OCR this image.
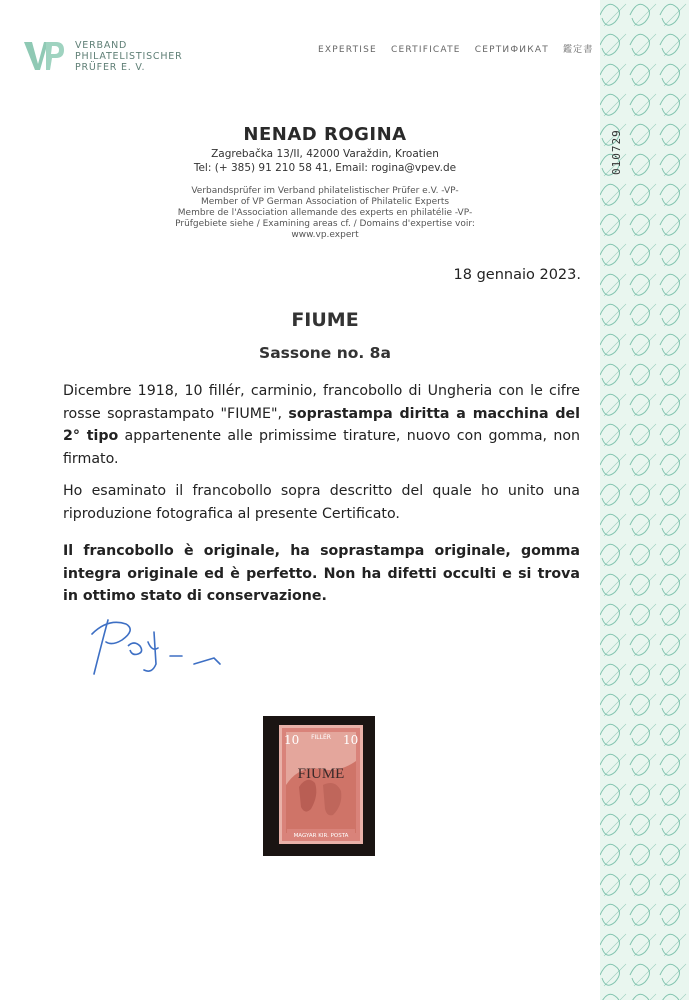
010729
VERBAND
PHILATELISTISCHER
PRÜFER E. V.
EXPERTISE CERTIFICATE СЕРТИФИКАТ 鑑定書
NENAD ROGINA
Zagrebačka 13/II, 42000 Varaždin, Kroatien
Tel: (+ 385) 91 210 58 41, Email: rogina@vpev.de
Verbandsprüfer im Verband philatelistischer Prüfer e.V. -VP-
Member of VP German Association of Philatelic Experts
Membre de l'Association allemande des experts en philatélie -VP-
Prüfgebiete siehe / Examining areas cf. / Domains d'expertise voir:
www.vp.expert
18 gennaio 2023.
FIUME
Sassone no. 8a

Dicembre 1918, 10 fillér, carminio, francobollo di Ungheria con le cifre rosse soprastampato "FIUME", soprastampa diritta a macchina del 2° tipo appartenente alle primissime tirature, nuovo con gomma, non firmato.

Ho esaminato il francobollo sopra descritto del quale ho unito una riproduzione fotografica al presente Certificato.

Il francobollo è originale, ha soprastampa originale, gomma integra originale ed è perfetto. Non ha difetti occulti e si trova in ottimo stato di conservazione.

10	10
FILLÉR
FIUME
MAGYAR KIR. POSTA
